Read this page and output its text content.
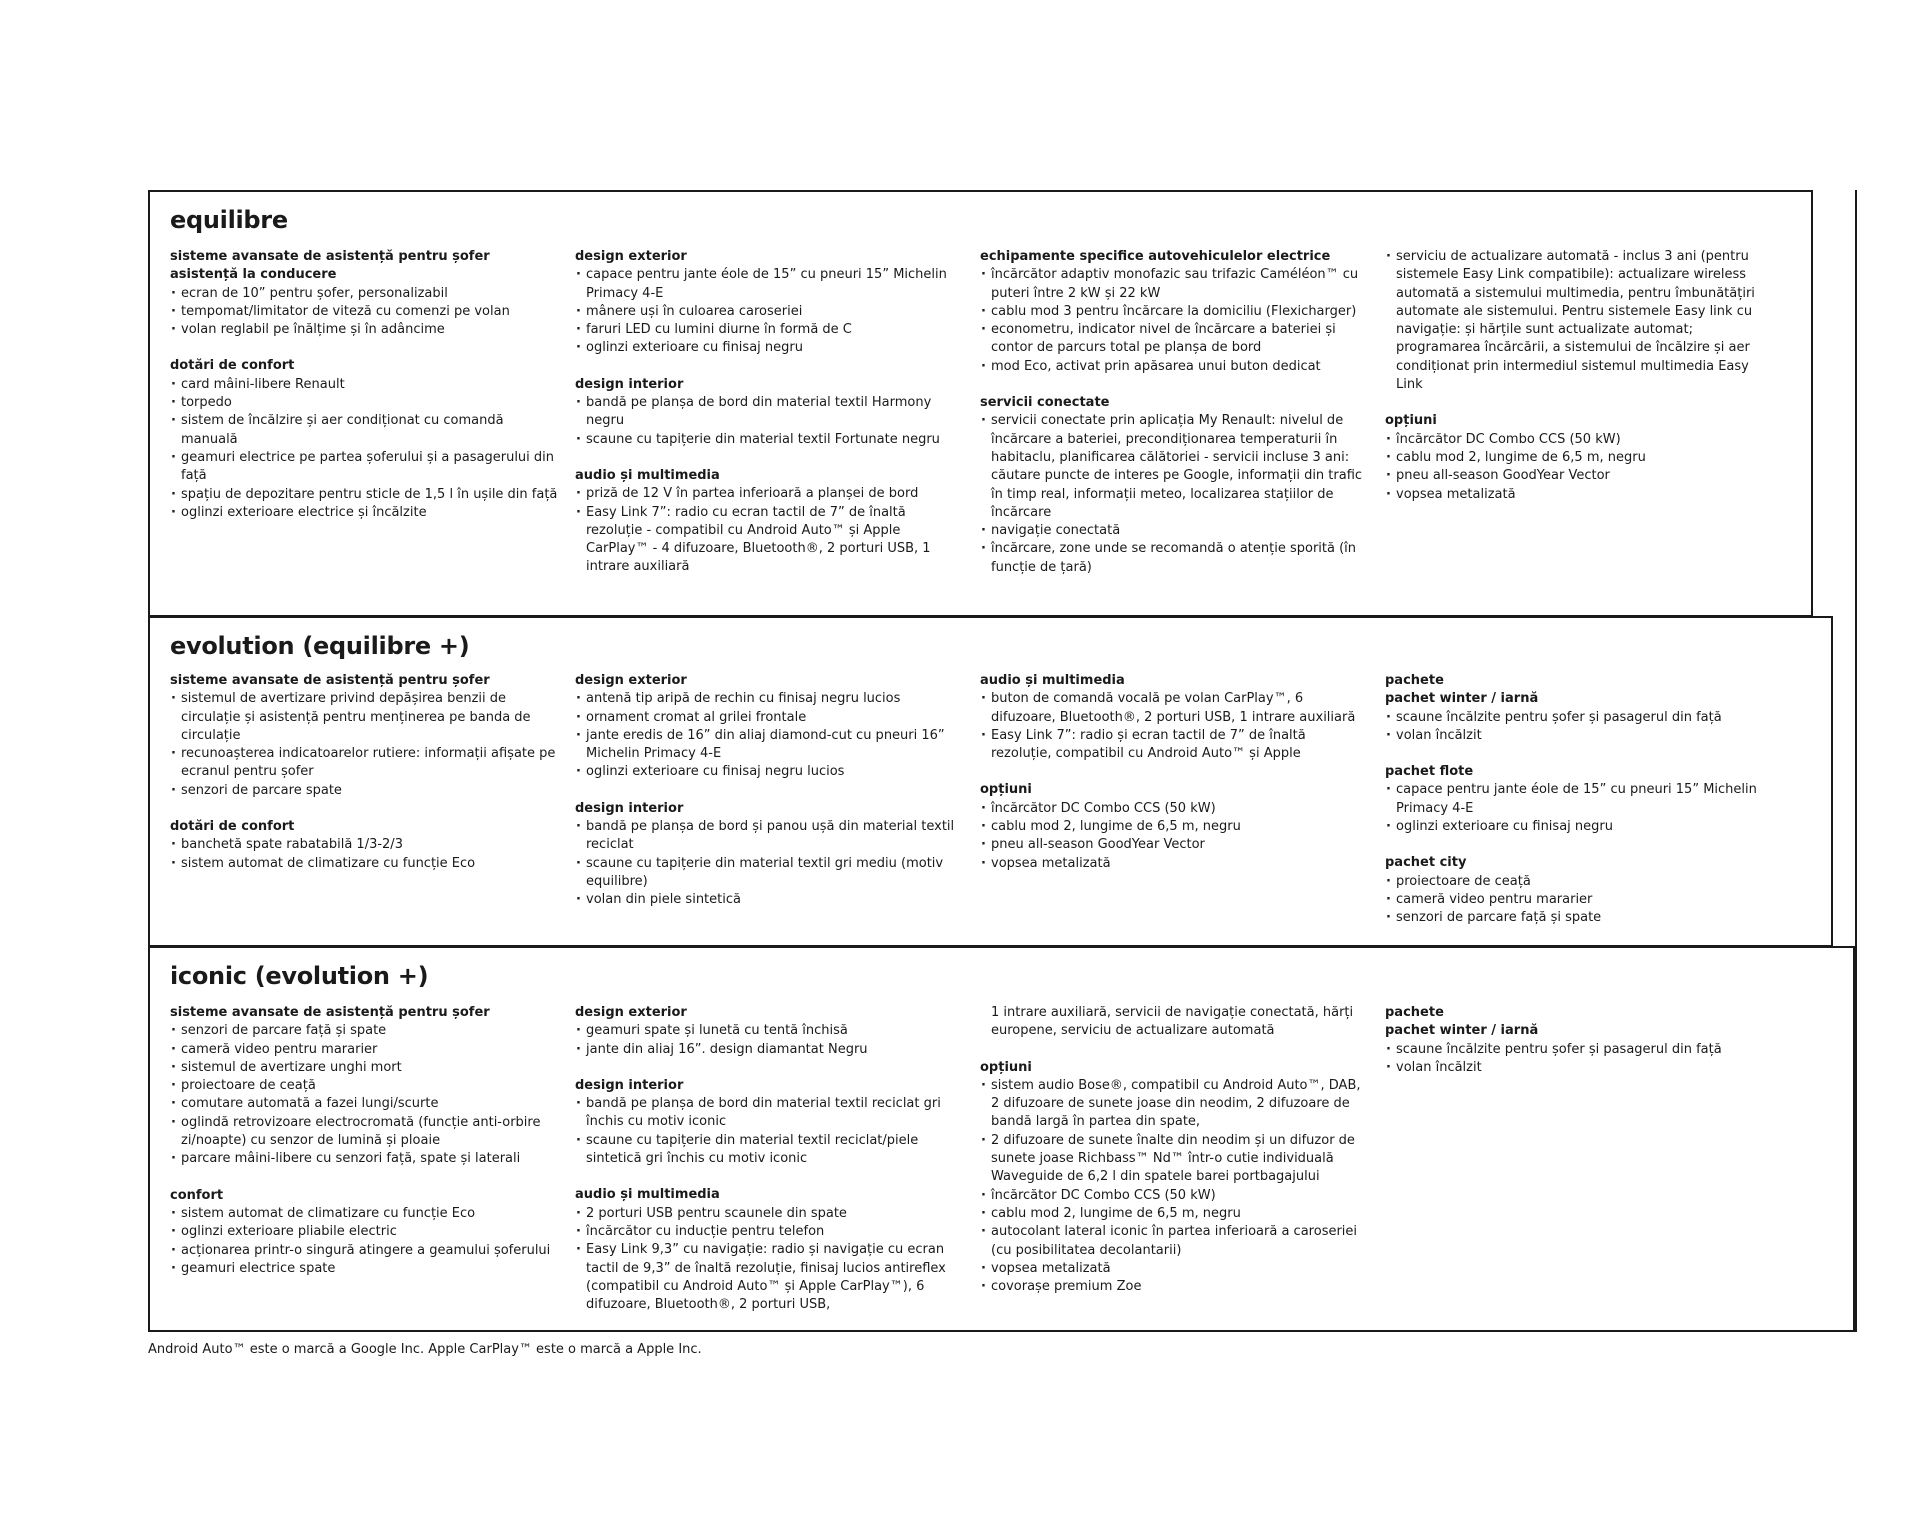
equilibre
sisteme avansate de asistență pentru șofer
asistență la conducere
· ecran de 10” pentru șofer, personalizabil
· tempomat/limitator de viteză cu comenzi pe volan
· volan reglabil pe înălțime și în adâncime
dotări de confort
· card mâini-libere Renault
· torpedo
· sistem de încălzire și aer condiționat cu comandă manuală
· geamuri electrice pe partea șoferului și a pasagerului din față
· spațiu de depozitare pentru sticle de 1,5 l în ușile din față
· oglinzi exterioare electrice și încălzite
design exterior
· capace pentru jante éole de 15” cu pneuri 15” Michelin Primacy 4-E
· mânere uși în culoarea caroseriei
· faruri LED cu lumini diurne în formă de C
· oglinzi exterioare cu finisaj negru
design interior
· bandă pe planșa de bord din material textil Harmony negru
· scaune cu tapițerie din material textil Fortunate negru
audio și multimedia
· priză de 12 V în partea inferioară a planșei de bord
· Easy Link 7”: radio cu ecran tactil de 7” de înaltă rezoluție - compatibil cu Android Auto™ și Apple CarPlay™ - 4 difuzoare, Bluetooth®, 2 porturi USB, 1 intrare auxiliară
echipamente specifice autovehiculelor electrice
· încărcător adaptiv monofazic sau trifazic Caméléon™ cu puteri între 2 kW și 22 kW
· cablu mod 3 pentru încărcare la domiciliu (Flexicharger)
· econometru, indicator nivel de încărcare a bateriei și contor de parcurs total pe planșa de bord
· mod Eco, activat prin apăsarea unui buton dedicat
servicii conectate
· servicii conectate prin aplicația My Renault: nivelul de încărcare a bateriei, precondiționarea temperaturii în habitaclu, planificarea călătoriei - servicii incluse 3 ani: căutare puncte de interes pe Google, informații din trafic în timp real, informații meteo, localizarea stațiilor de încărcare
· navigație conectată
· încărcare, zone unde se recomandă o atenție sporită (în funcție de țară)
· serviciu de actualizare automată - inclus 3 ani (pentru sistemele Easy Link compatibile): actualizare wireless automată a sistemului multimedia, pentru îmbunătățiri automate ale sistemului. Pentru sistemele Easy link cu navigație: și hărțile sunt actualizate automat; programarea încărcării, a sistemului de încălzire și aer condiționat prin intermediul sistemul multimedia Easy Link
opțiuni
· încărcător DC Combo CCS (50 kW)
· cablu mod 2, lungime de 6,5 m, negru
· pneu all-season GoodYear Vector
· vopsea metalizată
evolution (equilibre +)
sisteme avansate de asistență pentru șofer
· sistemul de avertizare privind depășirea benzii de circulație și asistență pentru menținerea pe banda de circulație
· recunoașterea indicatoarelor rutiere: informații afișate pe ecranul pentru șofer
· senzori de parcare spate
dotări de confort
· banchetă spate rabatabilă 1/3-2/3
· sistem automat de climatizare cu funcție Eco
design exterior
· antenă tip aripă de rechin cu finisaj negru lucios
· ornament cromat al grilei frontale
· jante eredis de 16” din aliaj diamond-cut cu pneuri 16” Michelin Primacy 4-E
· oglinzi exterioare cu finisaj negru lucios
design interior
· bandă pe planșa de bord și panou ușă din material textil reciclat
· scaune cu tapițerie din material textil gri mediu (motiv equilibre)
· volan din piele sintetică
audio și multimedia
· buton de comandă vocală pe volan CarPlay™, 6 difuzoare, Bluetooth®, 2 porturi USB, 1 intrare auxiliară
· Easy Link 7”: radio și ecran tactil de 7” de înaltă rezoluție, compatibil cu Android Auto™ și Apple
opțiuni
· încărcător DC Combo CCS (50 kW)
· cablu mod 2, lungime de 6,5 m, negru
· pneu all-season GoodYear Vector
· vopsea metalizată
pachete
pachet winter / iarnă
· scaune încălzite pentru șofer și pasagerul din față
· volan încălzit
pachet flote
· capace pentru jante éole de 15” cu pneuri 15” Michelin Primacy 4-E
· oglinzi exterioare cu finisaj negru
pachet city
· proiectoare de ceață
· cameră video pentru mararier
· senzori de parcare față și spate
iconic (evolution +)
sisteme avansate de asistență pentru șofer
· senzori de parcare față și spate
· cameră video pentru mararier
· sistemul de avertizare unghi mort
· proiectoare de ceață
· comutare automată a fazei lungi/scurte
· oglindă retrovizoare electrocromată (funcție anti-orbire zi/noapte) cu senzor de lumină și ploaie
· parcare mâini-libere cu senzori față, spate și laterali
confort
· sistem automat de climatizare cu funcție Eco
· oglinzi exterioare pliabile electric
· acționarea printr-o singură atingere a geamului șoferului
· geamuri electrice spate
design exterior
· geamuri spate și lunetă cu tentă închisă
· jante din aliaj 16”. design diamantat Negru
design interior
· bandă pe planșa de bord din material textil reciclat gri închis cu motiv iconic
· scaune cu tapițerie din material textil reciclat/piele sintetică gri închis cu motiv iconic
audio și multimedia
· 2 porturi USB pentru scaunele din spate
· încărcător cu inducție pentru telefon
· Easy Link 9,3” cu navigație: radio și navigație cu ecran tactil de 9,3” de înaltă rezoluție, finisaj lucios antireflex (compatibil cu Android Auto™ și Apple CarPlay™), 6 difuzoare, Bluetooth®, 2 porturi USB,
1 intrare auxiliară, servicii de navigație conectată, hărți europene, serviciu de actualizare automată
opțiuni
· sistem audio Bose®, compatibil cu Android Auto™, DAB, 2 difuzoare de sunete joase din neodim, 2 difuzoare de bandă largă în partea din spate,
· 2 difuzoare de sunete înalte din neodim și un difuzor de sunete joase Richbass™ Nd™ într-o cutie individuală Waveguide de 6,2 l din spatele barei portbagajului
· încărcător DC Combo CCS (50 kW)
· cablu mod 2, lungime de 6,5 m, negru
· autocolant lateral iconic în partea inferioară a caroseriei (cu posibilitatea decolantarii)
· vopsea metalizată
· covorașe premium Zoe
pachete
pachet winter / iarnă
· scaune încălzite pentru șofer și pasagerul din față
· volan încălzit
Android Auto™ este o marcă a Google Inc. Apple CarPlay™ este o marcă a Apple Inc.
